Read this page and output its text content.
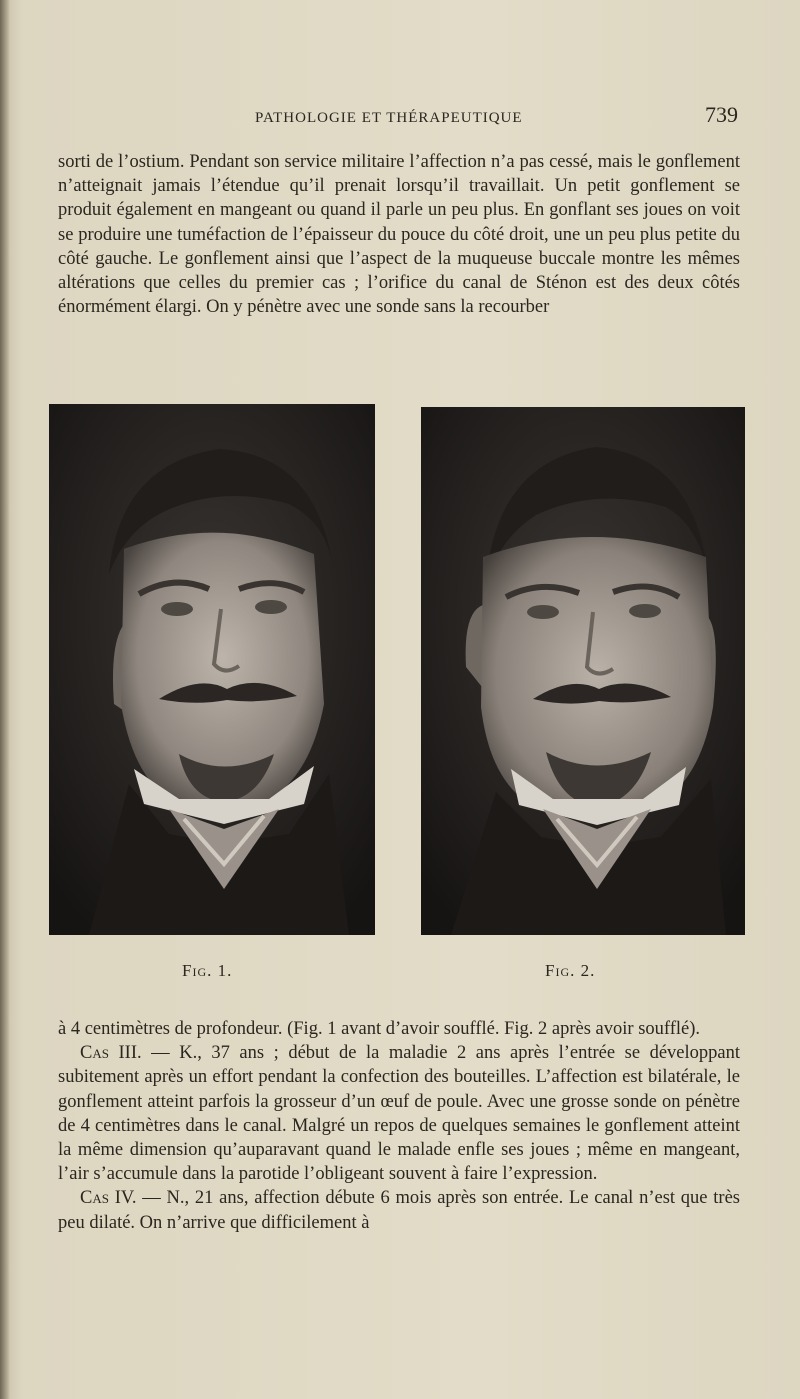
PATHOLOGIE ET THÉRAPEUTIQUE	739

sorti de l’ostium. Pendant son service militaire l’affection n’a pas cessé, mais le gonflement n’atteignait jamais l’étendue qu’il prenait lorsqu’il travaillait. Un petit gonflement se produit également en mangeant ou quand il parle un peu plus. En gonflant ses joues on voit se produire une tuméfaction de l’épaisseur du pouce du côté droit, une un peu plus petite du côté gauche. Le gonflement ainsi que l’aspect de la muqueuse buccale montre les mêmes altérations que celles du premier cas ; l’orifice du canal de Sténon est des deux côtés énormément élargi. On y pénètre avec une sonde sans la recourber

Fig. 1.	Fig. 2.

à 4 centimètres de profondeur. (Fig. 1 avant d’avoir soufflé. Fig. 2 après avoir soufflé).

Cas III. — K., 37 ans ; début de la maladie 2 ans après l’entrée se développant subitement après un effort pendant la confection des bouteilles. L’affection est bilatérale, le gonflement atteint parfois la grosseur d’un œuf de poule. Avec une grosse sonde on pénètre de 4 centimètres dans le canal. Malgré un repos de quelques semaines le gonflement atteint la même dimension qu’auparavant quand le malade enfle ses joues ; même en mangeant, l’air s’accumule dans la parotide l’obligeant souvent à faire l’expression.

Cas IV. — N., 21 ans, affection débute 6 mois après son entrée. Le canal n’est que très peu dilaté. On n’arrive que difficilement à
